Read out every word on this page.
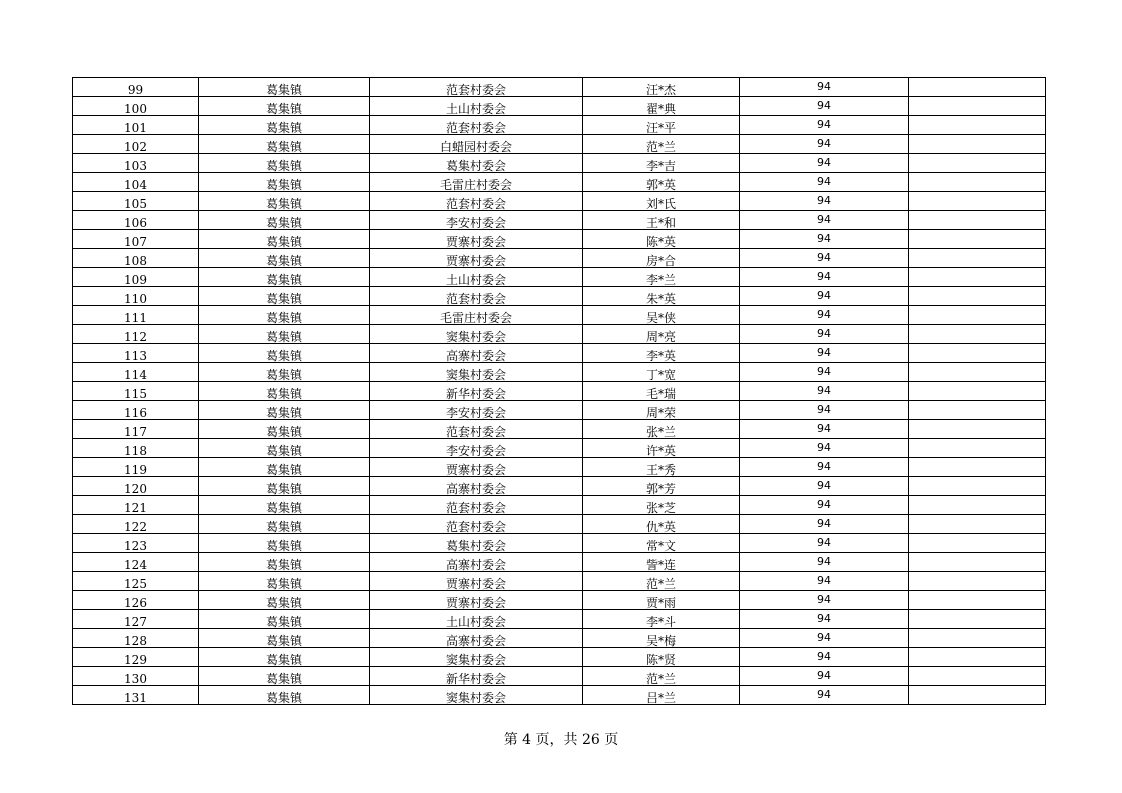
99	葛集镇	范套村委会	汪*杰	94	
100	葛集镇	土山村委会	翟*典	94	
101	葛集镇	范套村委会	汪*平	94	
102	葛集镇	白蜡园村委会	范*兰	94	
103	葛集镇	葛集村委会	李*吉	94	
104	葛集镇	毛雷庄村委会	郭*英	94	
105	葛集镇	范套村委会	刘*氏	94	
106	葛集镇	李安村委会	王*和	94	
107	葛集镇	贾寨村委会	陈*英	94	
108	葛集镇	贾寨村委会	房*合	94	
109	葛集镇	土山村委会	李*兰	94	
110	葛集镇	范套村委会	朱*英	94	
111	葛集镇	毛雷庄村委会	吴*侠	94	
112	葛集镇	窦集村委会	周*亮	94	
113	葛集镇	高寨村委会	李*英	94	
114	葛集镇	窦集村委会	丁*宽	94	
115	葛集镇	新华村委会	毛*瑞	94	
116	葛集镇	李安村委会	周*荣	94	
117	葛集镇	范套村委会	张*兰	94	
118	葛集镇	李安村委会	许*英	94	
119	葛集镇	贾寨村委会	王*秀	94	
120	葛集镇	高寨村委会	郭*芳	94	
121	葛集镇	范套村委会	张*芝	94	
122	葛集镇	范套村委会	仇*英	94	
123	葛集镇	葛集村委会	常*文	94	
124	葛集镇	高寨村委会	訾*连	94	
125	葛集镇	贾寨村委会	范*兰	94	
126	葛集镇	贾寨村委会	贾*雨	94	
127	葛集镇	土山村委会	李*斗	94	
128	葛集镇	高寨村委会	吴*梅	94	
129	葛集镇	窦集村委会	陈*贤	94	
130	葛集镇	新华村委会	范*兰	94	
131	葛集镇	窦集村委会	吕*兰	94	
第 4 页，共 26 页
